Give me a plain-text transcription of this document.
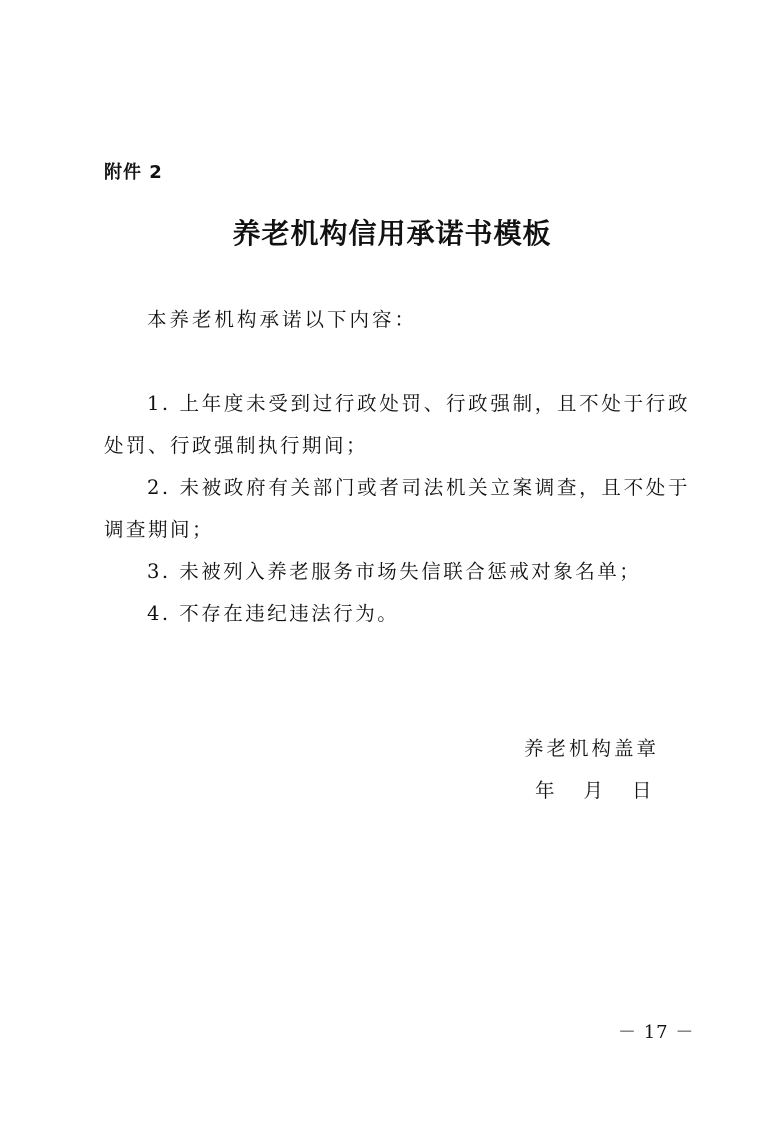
附件 2
养老机构信用承诺书模板
本养老机构承诺以下内容：
1. 上年度未受到过行政处罚、行政强制，且不处于行政处罚、行政强制执行期间；
2. 未被政府有关部门或者司法机关立案调查，且不处于调查期间；
3. 未被列入养老服务市场失信联合惩戒对象名单；
4. 不存在违纪违法行为。
养老机构盖章
年 月 日
－ 17 －
